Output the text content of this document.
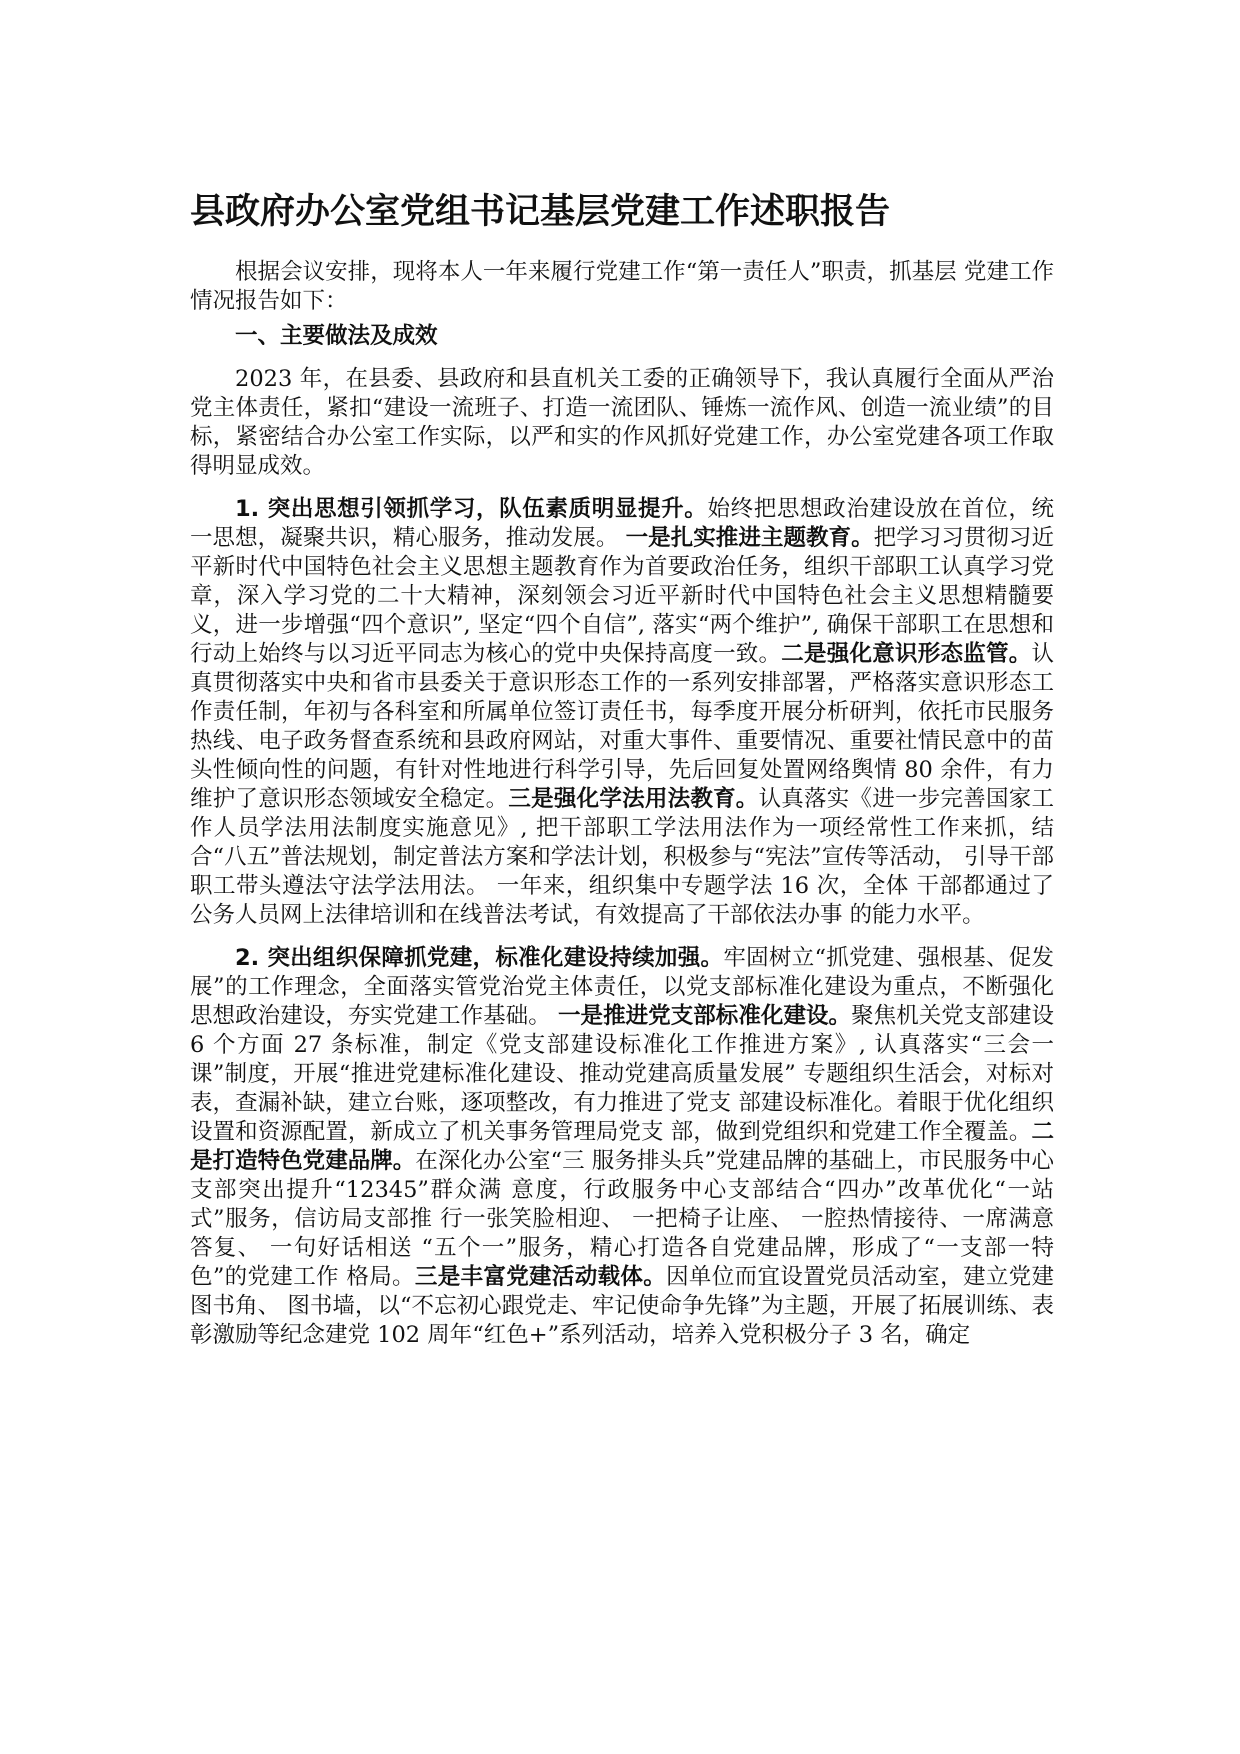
县政府办公室党组书记基层党建工作述职报告

根据会议安排，现将本人一年来履行党建工作“第一责任人”职责，抓基层 党建工作情况报告如下：

一、主要做法及成效

2023 年，在县委、县政府和县直机关工委的正确领导下，我认真履行全面从严治党主体责任，紧扣“建设一流班子、打造一流团队、锤炼一流作风、创造一流业绩”的目标，紧密结合办公室工作实际，以严和实的作风抓好党建工作，办公室党建各项工作取得明显成效。

1. 突出思想引领抓学习，队伍素质明显提升。始终把思想政治建设放在首位，统一思想，凝聚共识，精心服务，推动发展。 一是扎实推进主题教育。把学习习贯彻习近平新时代中国特色社会主义思想主题教育作为首要政治任务，组织干部职工认真学习党章，深入学习党的二十大精神，深刻领会习近平新时代中国特色社会主义思想精髓要义，进一步增强“四个意识”, 坚定“四个自信”, 落实“两个维护”, 确保干部职工在思想和行动上始终与以习近平同志为核心的党中央保持高度一致。二是强化意识形态监管。认真贯彻落实中央和省市县委关于意识形态工作的一系列安排部署，严格落实意识形态工作责任制，年初与各科室和所属单位签订责任书，每季度开展分析研判，依托市民服务热线、电子政务督查系统和县政府网站，对重大事件、重要情况、重要社情民意中的苗头性倾向性的问题，有针对性地进行科学引导，先后回复处置网络舆情 80 余件，有力维护了意识形态领域安全稳定。三是强化学法用法教育。认真落实《进一步完善国家工作人员学法用法制度实施意见》, 把干部职工学法用法作为一项经常性工作来抓，结合“八五”普法规划，制定普法方案和学法计划，积极参与“宪法”宣传等活动， 引导干部职工带头遵法守法学法用法。 一年来，组织集中专题学法 16 次，全体 干部都通过了公务人员网上法律培训和在线普法考试，有效提高了干部依法办事 的能力水平。

2. 突出组织保障抓党建，标准化建设持续加强。牢固树立“抓党建、强根基、促发展”的工作理念，全面落实管党治党主体责任，以党支部标准化建设为重点，不断强化思想政治建设，夯实党建工作基础。 一是推进党支部标准化建设。聚焦机关党支部建设 6 个方面 27 条标准，制定《党支部建设标准化工作推进方案》, 认真落实“三会一课”制度，开展“推进党建标准化建设、推动党建高质量发展” 专题组织生活会，对标对表，查漏补缺，建立台账，逐项整改，有力推进了党支 部建设标准化。着眼于优化组织设置和资源配置，新成立了机关事务管理局党支 部，做到党组织和党建工作全覆盖。二是打造特色党建品牌。在深化办公室“三 服务排头兵”党建品牌的基础上，市民服务中心支部突出提升“12345”群众满 意度，行政服务中心支部结合“四办”改革优化“一站式”服务，信访局支部推 行一张笑脸相迎、 一把椅子让座、 一腔热情接待、一席满意答复、 一句好话相送 “五个一”服务，精心打造各自党建品牌，形成了“一支部一特色”的党建工作 格局。三是丰富党建活动载体。因单位而宜设置党员活动室，建立党建图书角、 图书墙，以“不忘初心跟党走、牢记使命争先锋”为主题，开展了拓展训练、表 彰激励等纪念建党 102 周年“红色+”系列活动，培养入党积极分子 3 名，确定
